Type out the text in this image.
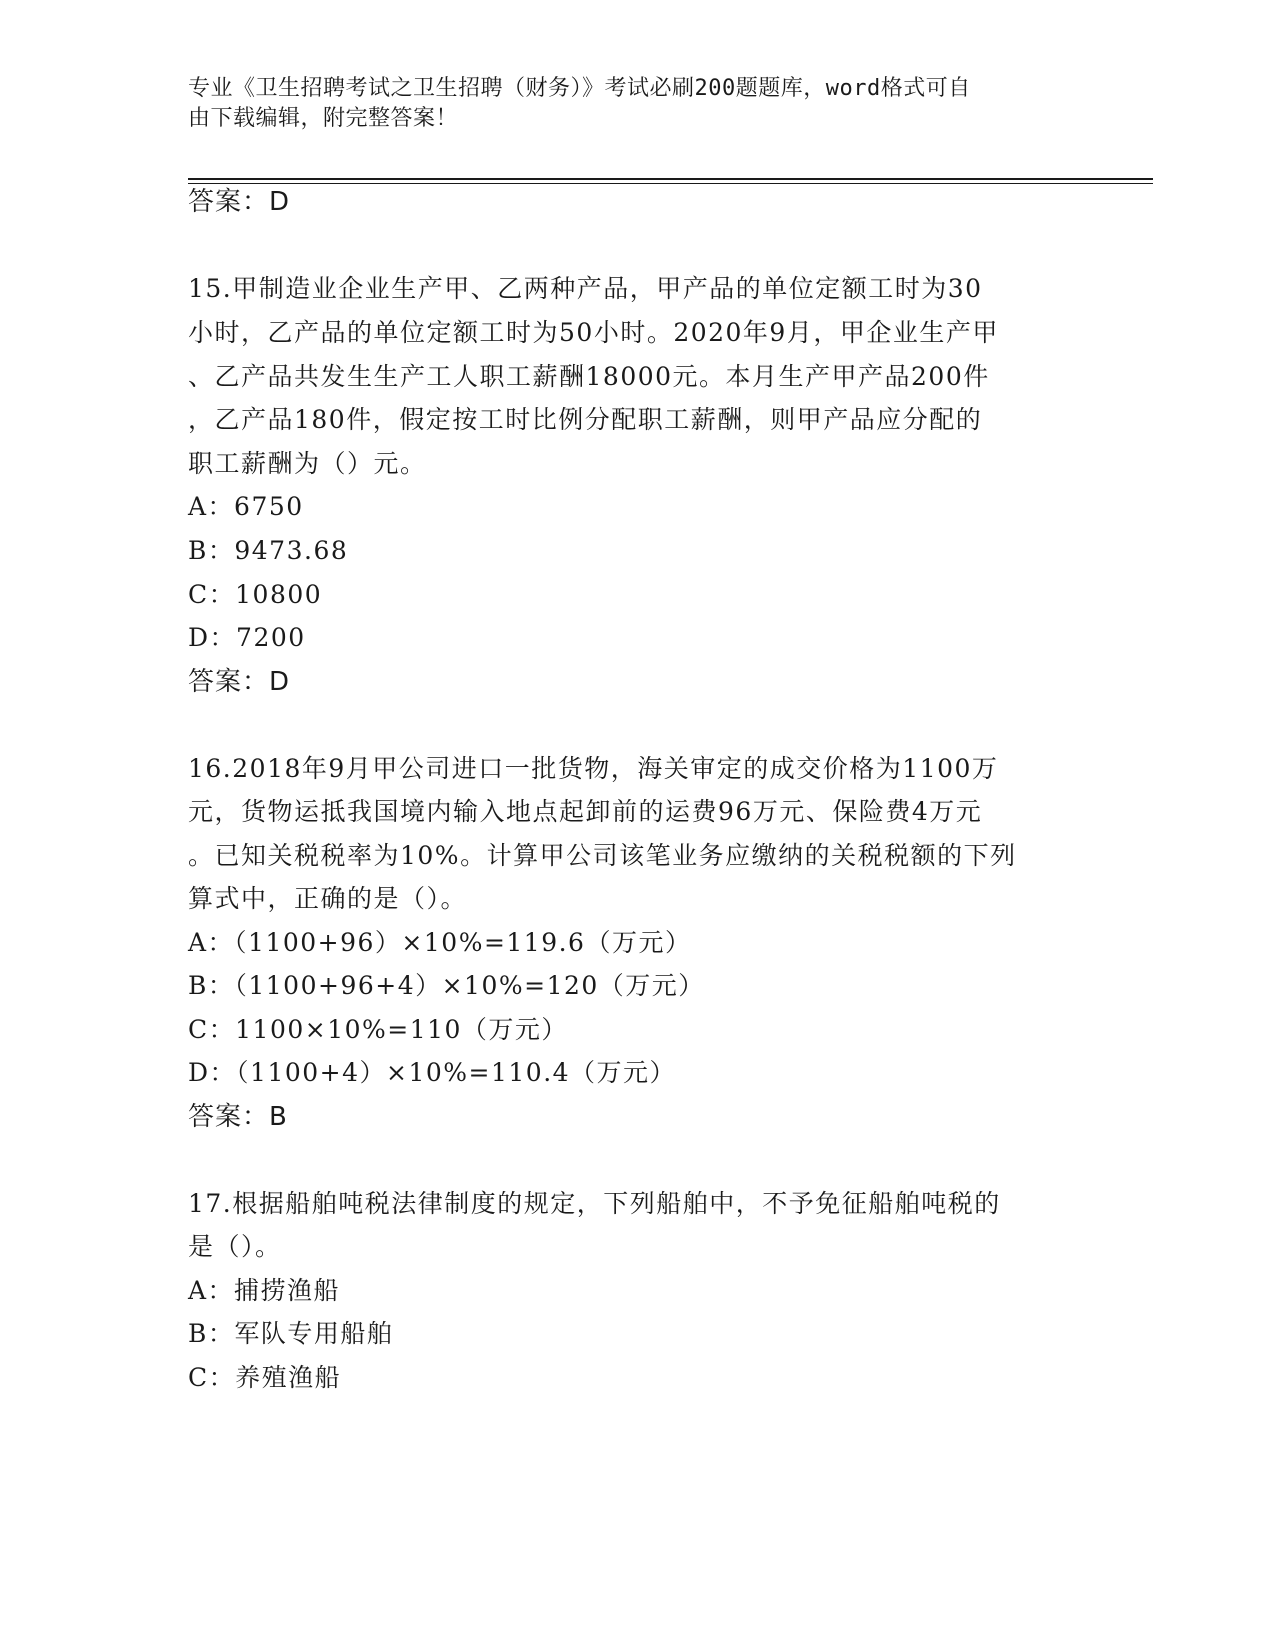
专业《卫生招聘考试之卫生招聘（财务）》考试必刷200题题库，word格式可自
由下载编辑，附完整答案！
答案：D
15.甲制造业企业生产甲、乙两种产品，甲产品的单位定额工时为30
小时，乙产品的单位定额工时为50小时。2020年9月，甲企业生产甲
、乙产品共发生生产工人职工薪酬18000元。本月生产甲产品200件
，乙产品180件，假定按工时比例分配职工薪酬，则甲产品应分配的
职工薪酬为（）元。
A：6750
B：9473.68
C：10800
D：7200
答案：D
16.2018年9月甲公司进口一批货物，海关审定的成交价格为1100万
元，货物运抵我国境内输入地点起卸前的运费96万元、保险费4万元
。已知关税税率为10%。计算甲公司该笔业务应缴纳的关税税额的下列
算式中，正确的是（）。
A：（1100+96）×10%=119.6（万元）
B：（1100+96+4）×10%=120（万元）
C：1100×10%=110（万元）
D：（1100+4）×10%=110.4（万元）
答案：B
17.根据船舶吨税法律制度的规定，下列船舶中，不予免征船舶吨税的
是（）。
A：捕捞渔船
B：军队专用船舶
C：养殖渔船
